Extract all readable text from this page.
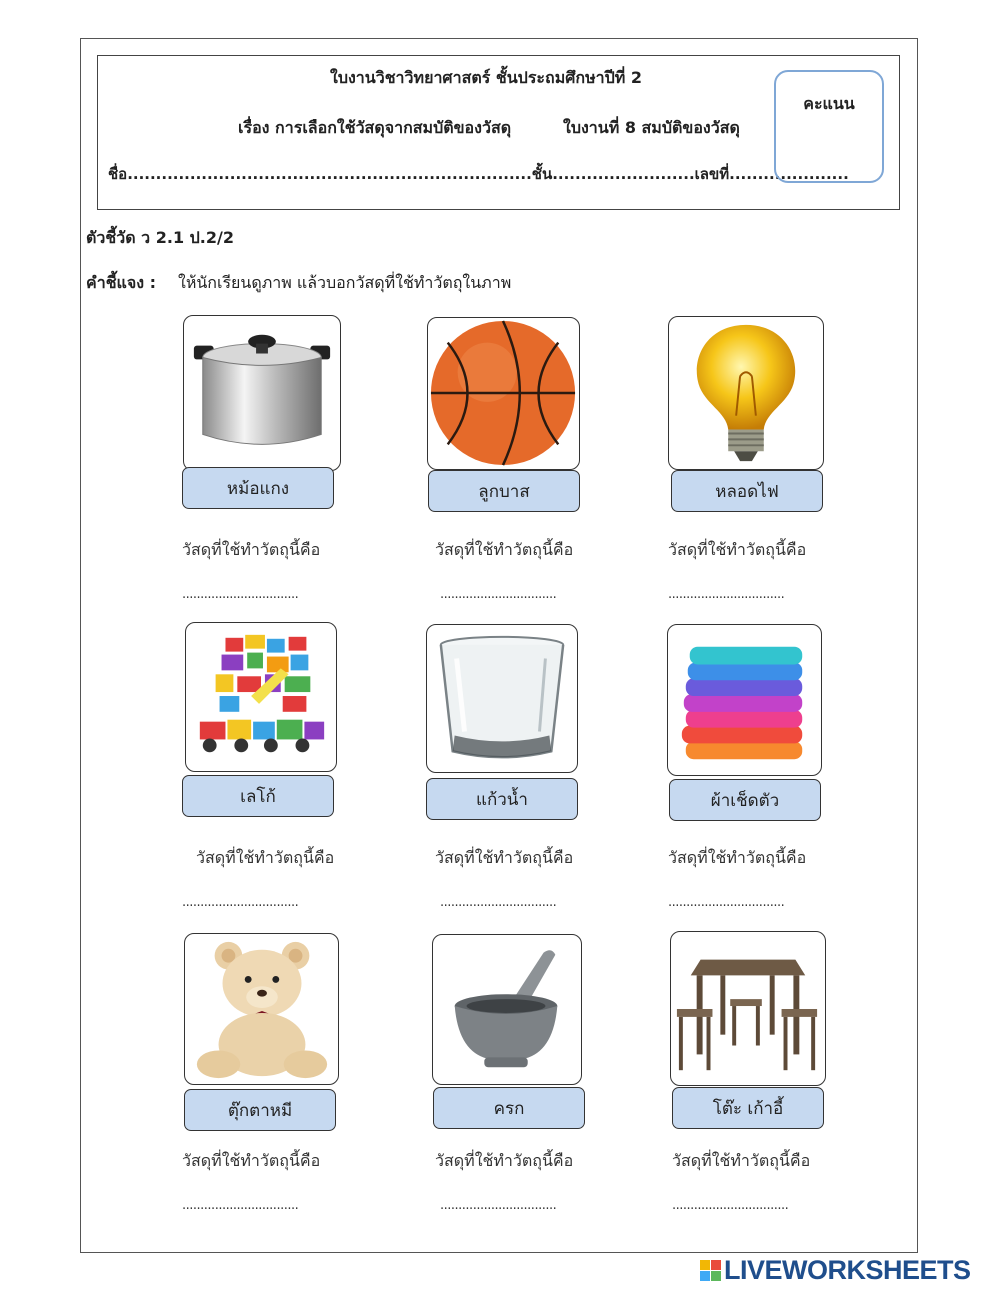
ใบงานวิชาวิทยาศาสตร์ ชั้นประถมศึกษาปีที่ 2
เรื่อง การเลือกใช้วัสดุจากสมบัติของวัสดุ	ใบงานที่ 8 สมบัติของวัสดุ
ชื่อ.......................................................................ชั้น.........................เลขที่.....................
คะแนน
ตัวชี้วัด ว 2.1 ป.2/2
คำชี้แจง : ให้นักเรียนดูภาพ แล้วบอกวัสดุที่ใช้ทำวัตถุในภาพ
หม้อแกง
วัสดุที่ใช้ทำวัตถุนี้คือ
................................
ลูกบาส
วัสดุที่ใช้ทำวัตถุนี้คือ
................................
หลอดไฟ
วัสดุที่ใช้ทำวัตถุนี้คือ
................................
เลโก้
วัสดุที่ใช้ทำวัตถุนี้คือ
................................
แก้วน้ำ
วัสดุที่ใช้ทำวัตถุนี้คือ
................................
ผ้าเช็ดตัว
วัสดุที่ใช้ทำวัตถุนี้คือ
................................
ตุ๊กตาหมี
วัสดุที่ใช้ทำวัตถุนี้คือ
................................
ครก
วัสดุที่ใช้ทำวัตถุนี้คือ
................................
โต๊ะ เก้าอี้
วัสดุที่ใช้ทำวัตถุนี้คือ
................................
LIVEWORKSHEETS
